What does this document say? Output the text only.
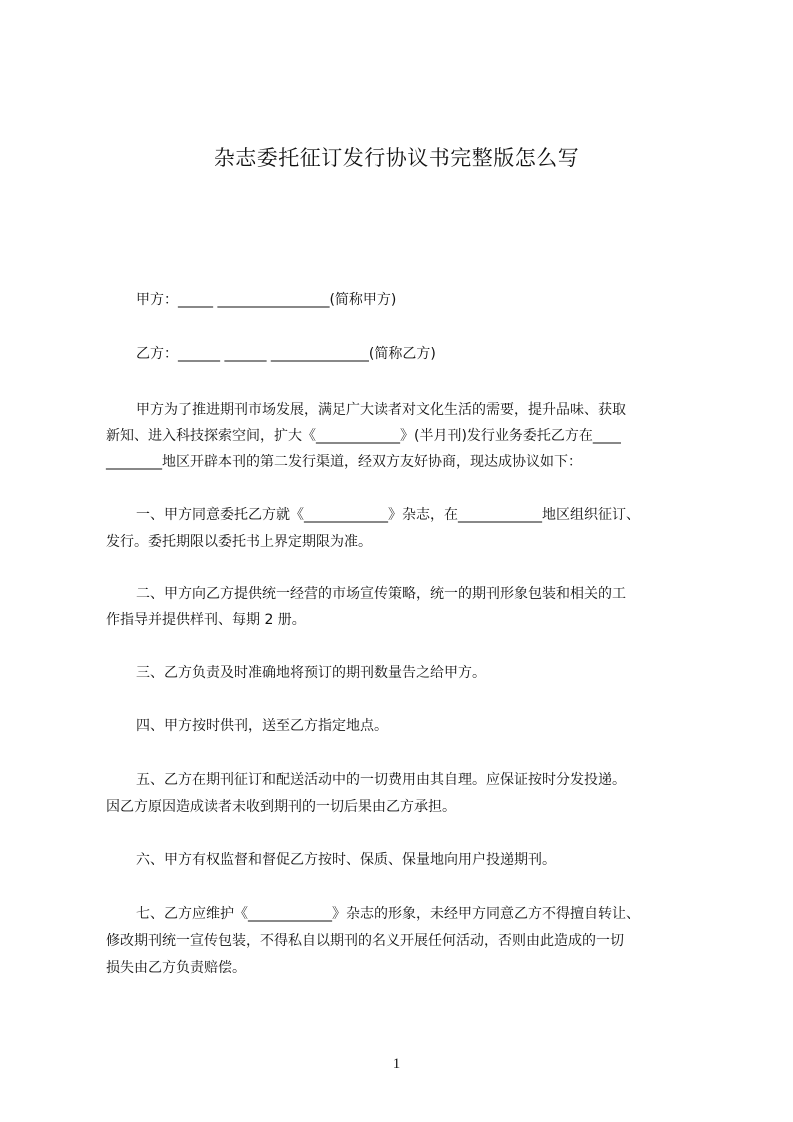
杂志委托征订发行协议书完整版怎么写
甲方：_____ ________________(简称甲方)
乙方：______ ______ ______________(简称乙方)
甲方为了推进期刊市场发展，满足广大读者对文化生活的需要，提升品味、获取
新知、进入科技探索空间，扩大《____________》(半月刊)发行业务委托乙方在____
________地区开辟本刊的第二发行渠道，经双方友好协商，现达成协议如下：
一、甲方同意委托乙方就《____________》杂志，在____________地区组织征订、
发行。委托期限以委托书上界定期限为准。
二、甲方向乙方提供统一经营的市场宣传策略，统一的期刊形象包装和相关的工
作指导并提供样刊、每期 2 册。
三、乙方负责及时准确地将预订的期刊数量告之给甲方。
四、甲方按时供刊，送至乙方指定地点。
五、乙方在期刊征订和配送活动中的一切费用由其自理。应保证按时分发投递。
因乙方原因造成读者未收到期刊的一切后果由乙方承担。
六、甲方有权监督和督促乙方按时、保质、保量地向用户投递期刊。
七、乙方应维护《____________》杂志的形象，未经甲方同意乙方不得擅自转让、
修改期刊统一宣传包装，不得私自以期刊的名义开展任何活动，否则由此造成的一切
损失由乙方负责赔偿。
1
